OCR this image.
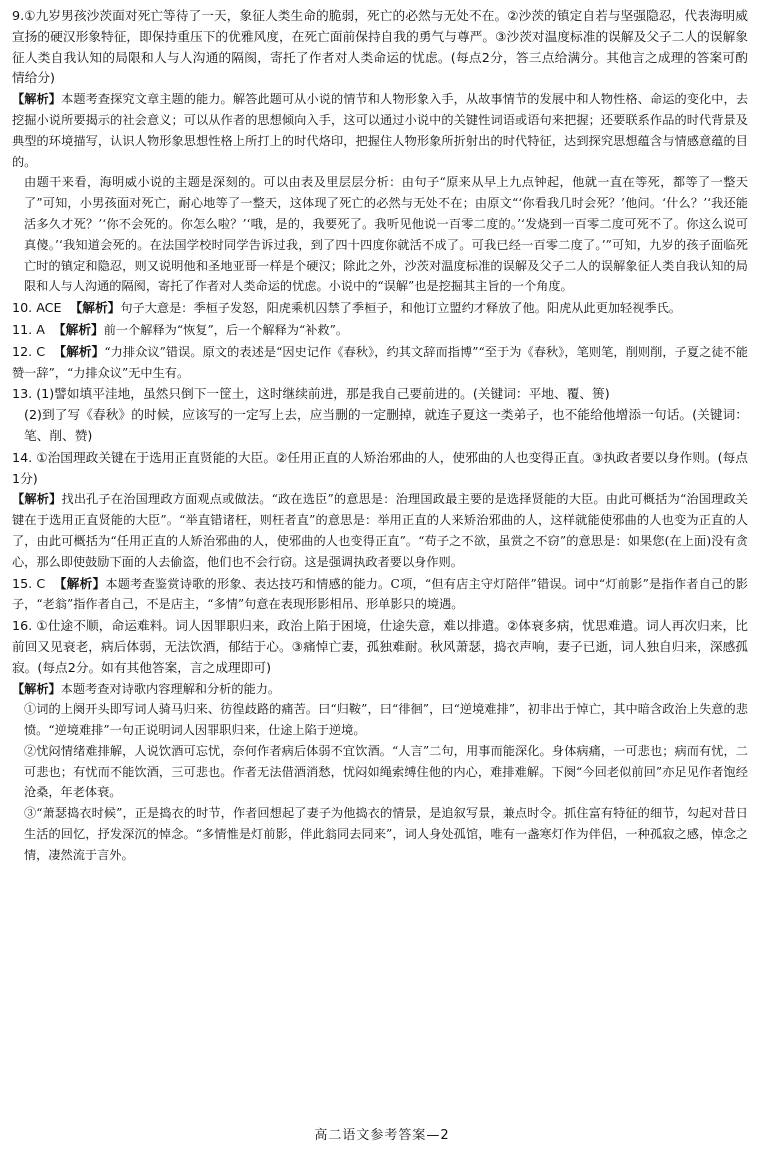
9.①九岁男孩沙茨面对死亡等待了一天，象征人类生命的脆弱，死亡的必然与无处不在。②沙茨的镇定自若与坚强隐忍，代表海明威宣扬的硬汉形象特征，即保持重压下的优雅风度，在死亡面前保持自我的勇气与尊严。③沙茨对温度标准的误解及父子二人的误解象征人类自我认知的局限和人与人沟通的隔阂，寄托了作者对人类命运的忧虑。(每点2分，答三点给满分。其他言之成理的答案可酌情给分)

【解析】本题考查探究文章主题的能力。解答此题可从小说的情节和人物形象入手，从故事情节的发展中和人物性格、命运的变化中，去挖掘小说所要揭示的社会意义；可以从作者的思想倾向入手，这可以通过小说中的关键性词语或语句来把握；还要联系作品的时代背景及典型的环境描写，认识人物形象思想性格上所打上的时代烙印，把握住人物形象所折射出的时代特征，达到探究思想蕴含与情感意蕴的目的。

由题干来看，海明威小说的主题是深刻的。可以由表及里层层分析：由句子“原来从早上九点钟起，他就一直在等死，都等了一整天了”可知，小男孩面对死亡，耐心地等了一整天，这体现了死亡的必然与无处不在；由原文“‘你看我几时会死？’他问。‘什么？’‘我还能活多久才死？’‘你不会死的。你怎么啦？’‘哦，是的，我要死了。我听见他说一百零二度的。’‘发烧到一百零二度可死不了。你这么说可真傻。’‘我知道会死的。在法国学校时同学告诉过我，到了四十四度你就活不成了。可我已经一百零二度了。’”可知，九岁的孩子面临死亡时的镇定和隐忍，则又说明他和圣地亚哥一样是个硬汉；除此之外，沙茨对温度标准的误解及父子二人的误解象征人类自我认知的局限和人与人沟通的隔阂，寄托了作者对人类命运的忧虑。小说中的“误解”也是挖掘其主旨的一个角度。

10. ACE 【解析】句子大意是：季桓子发怒，阳虎乘机囚禁了季桓子，和他订立盟约才释放了他。阳虎从此更加轻视季氏。

11. A 【解析】前一个解释为“恢复”，后一个解释为“补救”。

12. C 【解析】“力排众议”错误。原文的表述是“因史记作《春秋》，约其文辞而指博”“至于为《春秋》，笔则笔，削则削，子夏之徒不能赞一辞”，“力排众议”无中生有。

13. (1)譬如填平洼地，虽然只倒下一筐土，这时继续前进，那是我自己要前进的。(关键词：平地、覆、篑)

(2)到了写《春秋》的时候，应该写的一定写上去，应当删的一定删掉，就连子夏这一类弟子，也不能给他增添一句话。(关键词：笔、削、赞)

14. ①治国理政关键在于选用正直贤能的大臣。②任用正直的人矫治邪曲的人，使邪曲的人也变得正直。③执政者要以身作则。(每点1分)

【解析】找出孔子在治国理政方面观点或做法。“政在选臣”的意思是：治理国政最主要的是选择贤能的大臣。由此可概括为“治国理政关键在于选用正直贤能的大臣”。“举直错诸枉，则枉者直”的意思是：举用正直的人来矫治邪曲的人，这样就能使邪曲的人也变为正直的人了，由此可概括为“任用正直的人矫治邪曲的人，使邪曲的人也变得正直”。“苟子之不欲，虽赏之不窃”的意思是：如果您(在上面)没有贪心，那么即使鼓励下面的人去偷盗，他们也不会行窃。这是强调执政者要以身作则。

15. C 【解析】本题考查鉴赏诗歌的形象、表达技巧和情感的能力。C项，“但有店主守灯陪伴”错误。词中“灯前影”是指作者自己的影子，“老翁”指作者自己，不是店主，“多情”句意在表现形影相吊、形单影只的境遇。

16. ①仕途不顺，命运难料。词人因罪职归来，政治上陷于困境，仕途失意，难以排遣。②体衰多病，忧思难遣。词人再次归来，比前回又见衰老，病后体弱，无法饮酒，郁结于心。③痛悼亡妻，孤独难耐。秋风萧瑟，捣衣声响，妻子已逝，词人独自归来，深感孤寂。(每点2分。如有其他答案，言之成理即可)

【解析】本题考查对诗歌内容理解和分析的能力。

①词的上阕开头即写词人骑马归来、彷徨歧路的痛苦。曰“归鞍”，曰“徘徊”，曰“逆境难排”，初非出于悼亡，其中暗含政治上失意的悲愤。“逆境难排”一句正说明词人因罪职归来，仕途上陷于逆境。

②忧闷情绪难排解，人说饮酒可忘忧，奈何作者病后体弱不宜饮酒。“人言”二句，用事而能深化。身体病痛，一可悲也；病而有忧，二可悲也；有忧而不能饮酒，三可悲也。作者无法借酒消愁，忧闷如绳索缚住他的内心，难排难解。下阕“今回老似前回”亦足见作者饱经沧桑，年老体衰。

③“萧瑟捣衣时候”，正是捣衣的时节，作者回想起了妻子为他捣衣的情景，是追叙写景，兼点时令。抓住富有特征的细节，勾起对昔日生活的回忆，抒发深沉的悼念。“多情惟是灯前影，伴此翁同去同来”，词人身处孤馆，唯有一盏寒灯作为伴侣，一种孤寂之感，悼念之情，凄然流于言外。

高二语文参考答案—2
